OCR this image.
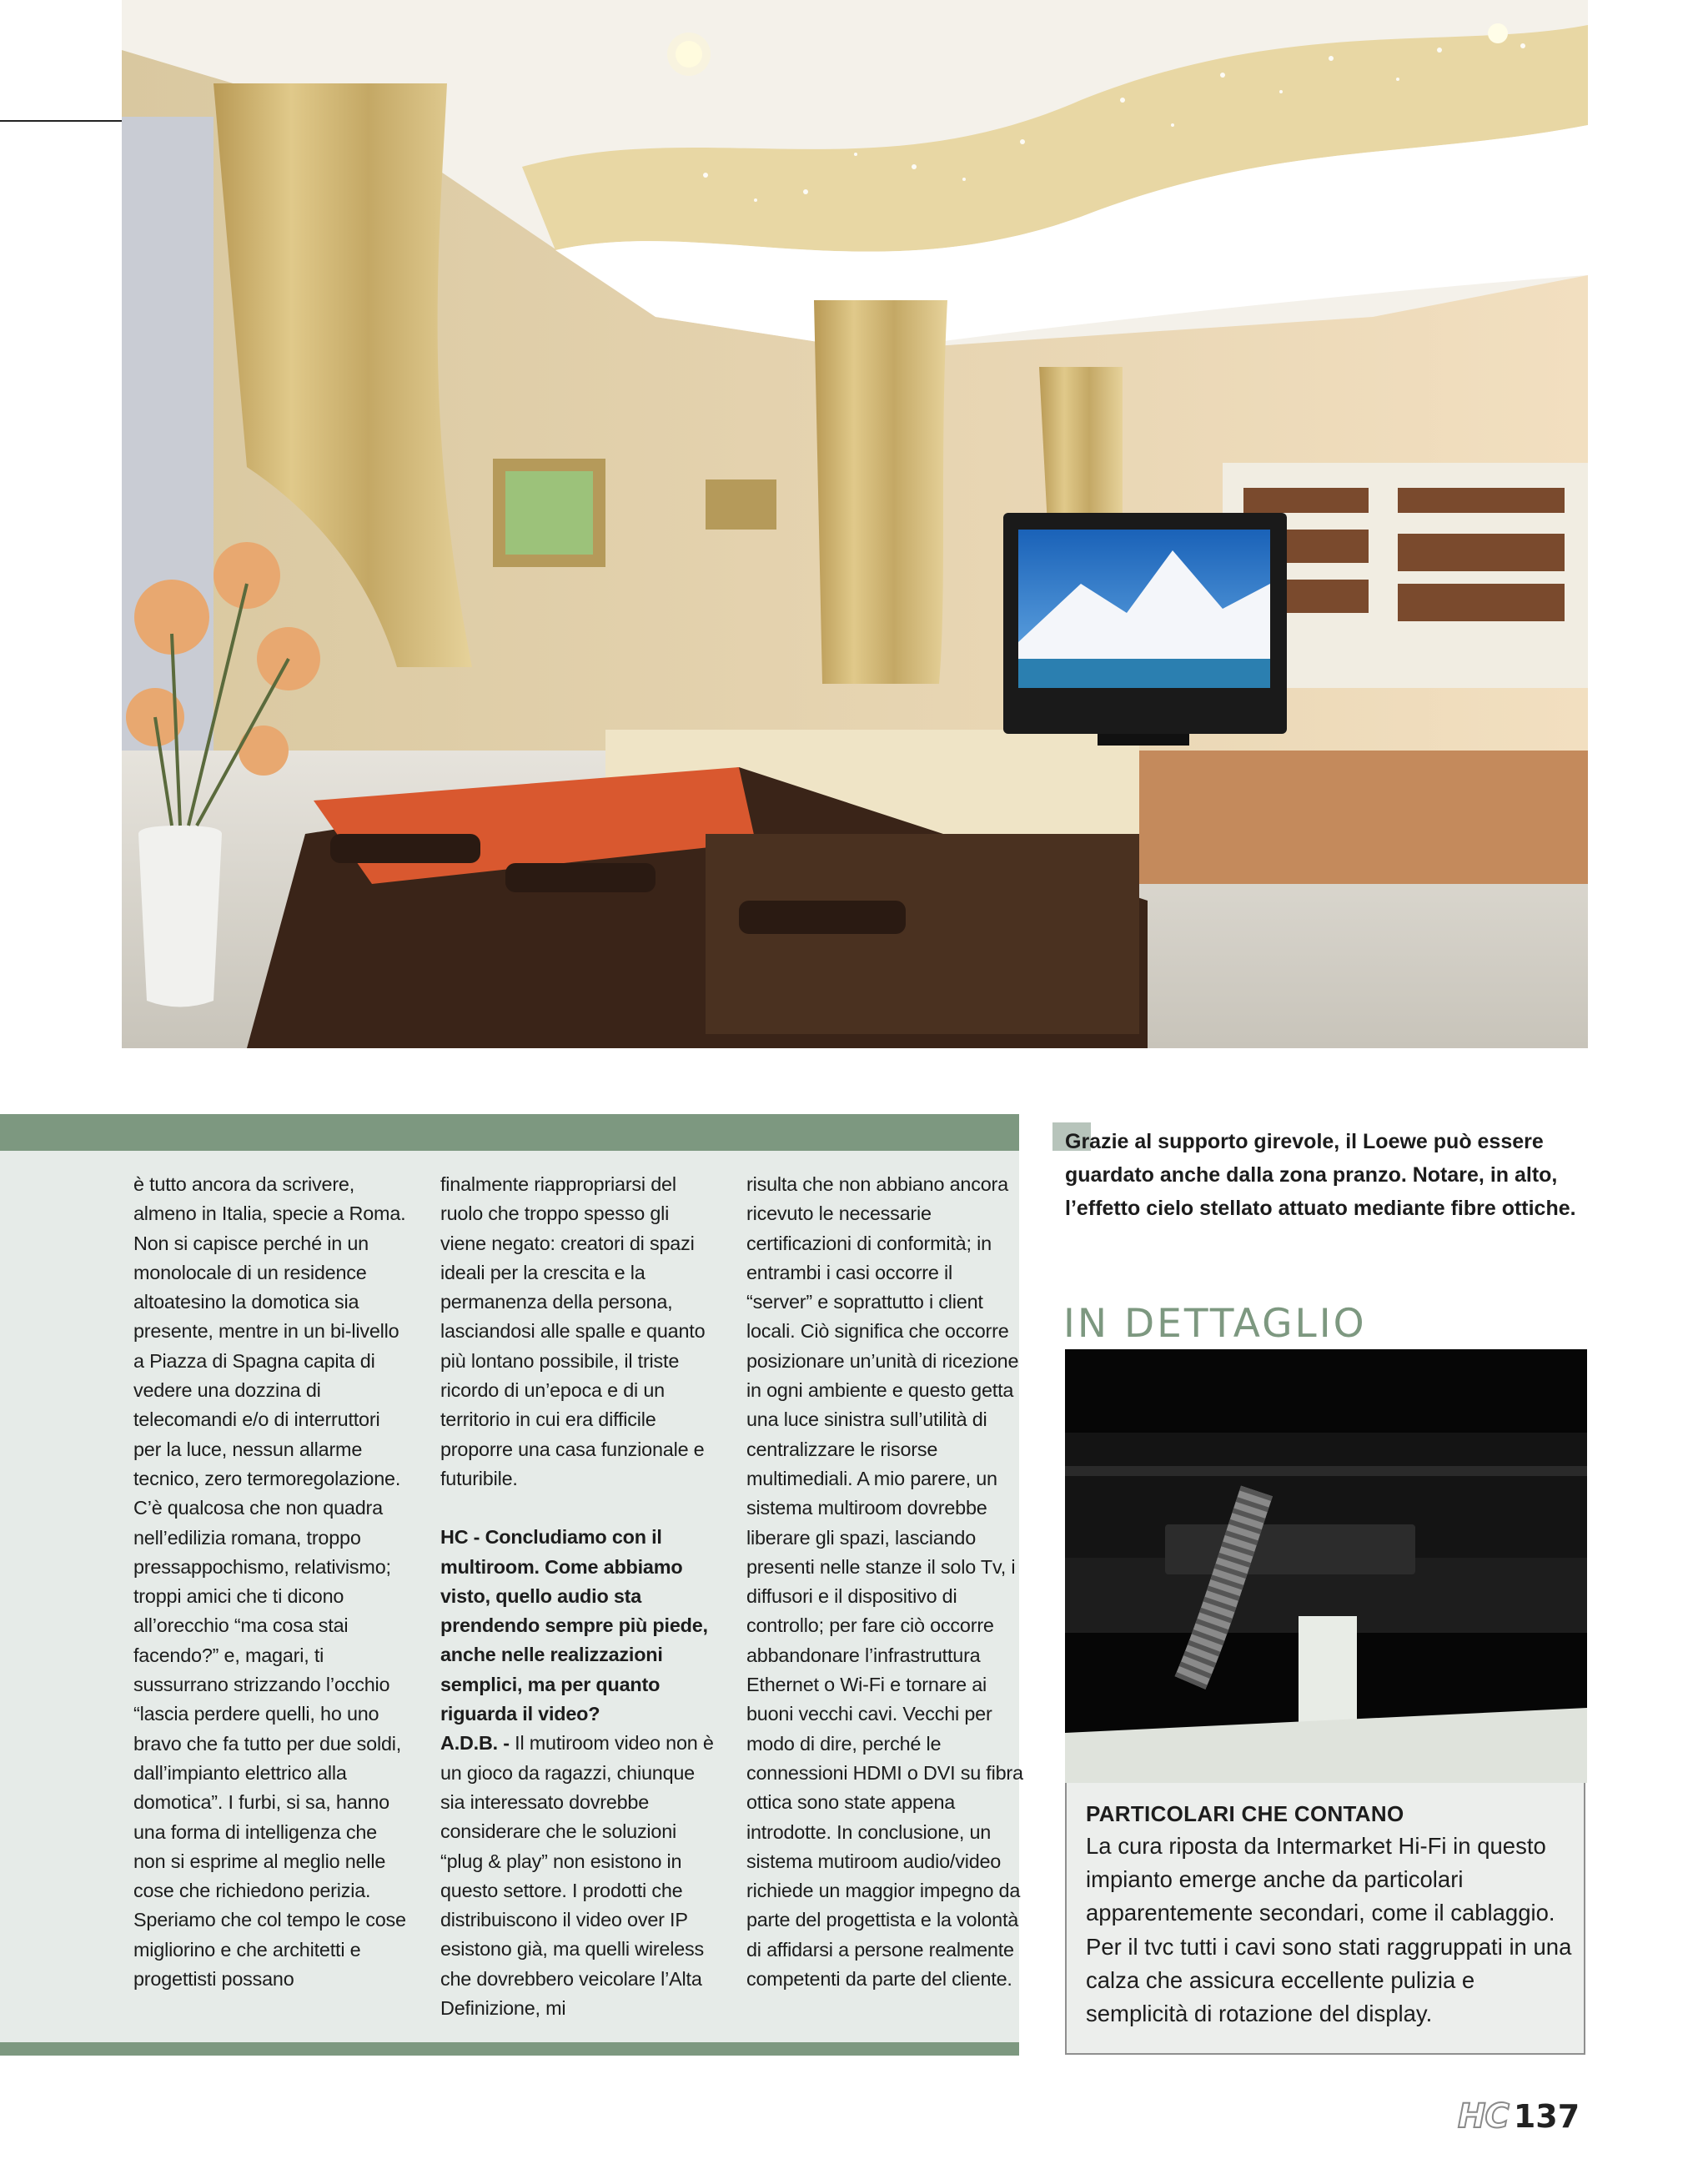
è tutto ancora da scrivere, almeno in Italia, specie a Roma. Non si capisce perché in un monolocale di un residence altoatesino la domotica sia presente, mentre in un bi-livello a Piazza di Spagna capita di vedere una dozzina di telecomandi e/o di interruttori per la luce, nessun allarme tecnico, zero termoregolazione. C’è qualcosa che non quadra nell’edilizia romana, troppo pressappochismo, relativismo; troppi amici che ti dicono all’orecchio “ma cosa stai facendo?” e, magari, ti sussurrano strizzando l’occhio “lascia perdere quelli, ho uno bravo che fa tutto per due soldi, dall’impianto elettrico alla domotica”. I furbi, si sa, hanno una forma di intelligenza che non si esprime al meglio nelle cose che richiedono perizia. Speriamo che col tempo le cose migliorino e che architetti e progettisti possano

finalmente riappropriarsi del ruolo che troppo spesso gli viene negato: creatori di spazi ideali per la crescita e la permanenza della persona, lasciandosi alle spalle e quanto più lontano possibile, il triste ricordo di un’epoca e di un territorio in cui era difficile proporre una casa funzionale e futuribile.

HC - Concludiamo con il multiroom. Come abbiamo visto, quello audio sta prendendo sempre più piede, anche nelle realizzazioni semplici, ma per quanto riguarda il video?

A.D.B. - Il mutiroom video non è un gioco da ragazzi, chiunque sia interessato dovrebbe considerare che le soluzioni “plug & play” non esistono in questo settore. I prodotti che distribuiscono il video over IP esistono già, ma quelli wireless che dovrebbero veicolare l’Alta Definizione, mi

risulta che non abbiano ancora ricevuto le necessarie certificazioni di conformità; in entrambi i casi occorre il “server” e soprattutto i client locali. Ciò significa che occorre posizionare un’unità di ricezione in ogni ambiente e questo getta una luce sinistra sull’utilità di centralizzare le risorse multimediali. A mio parere, un sistema multiroom dovrebbe liberare gli spazi, lasciando presenti nelle stanze il solo Tv, i diffusori e il dispositivo di controllo; per fare ciò occorre abbandonare l’infrastruttura Ethernet o Wi-Fi e tornare ai buoni vecchi cavi. Vecchi per modo di dire, perché le connessioni HDMI o DVI su fibra ottica sono state appena introdotte. In conclusione, un sistema mutiroom audio/video richiede un maggior impegno da parte del progettista e la volontà di affidarsi a persone realmente competenti da parte del cliente.

Grazie al supporto girevole, il Loewe può essere guardato anche dalla zona pranzo. Notare, in alto, l’effetto cielo stellato attuato mediante fibre ottiche.
IN DETTAGLIO
PARTICOLARI CHE CONTANO
La cura riposta da Intermarket Hi-Fi in questo impianto emerge anche da particolari apparentemente secondari, come il cablaggio. Per il tvc tutti i cavi sono stati raggruppati in una calza che assicura eccellente pulizia e semplicità di rotazione del display.
HC 137
